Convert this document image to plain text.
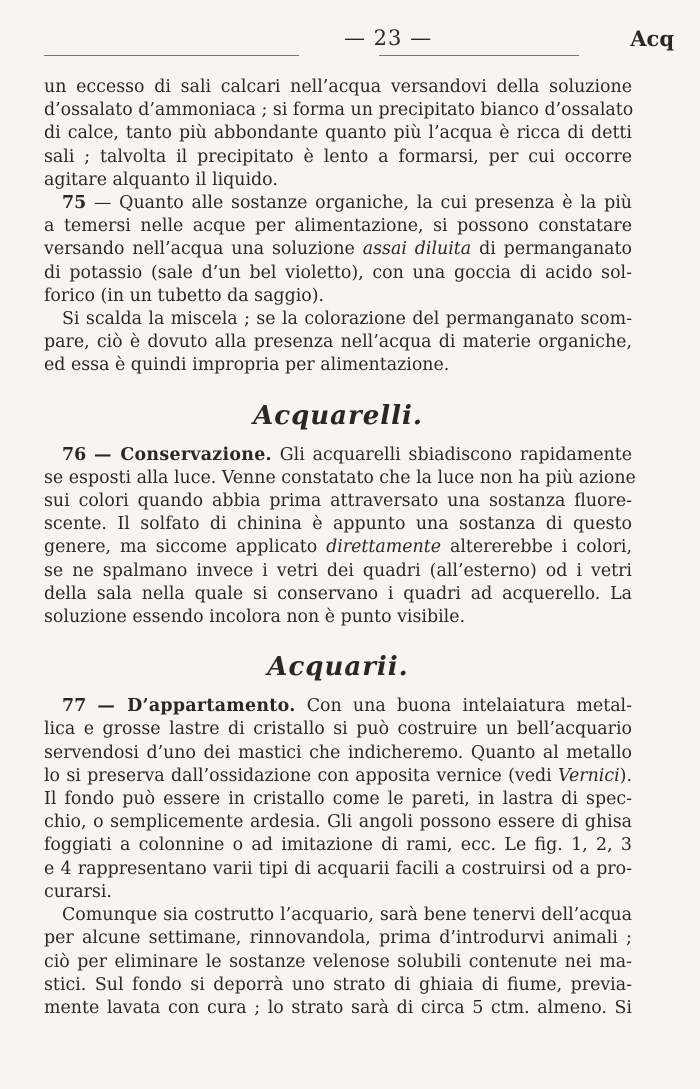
— 23 —	Acq
un eccesso di sali calcari nell’acqua versandovi della soluzione
d’ossalato d’ammoniaca ; si forma un precipitato bianco d’ossalato
di calce, tanto più abbondante quanto più l’acqua è ricca di detti
sali ; talvolta il precipitato è lento a formarsi, per cui occorre
agitare alquanto il liquido.
75 — Quanto alle sostanze organiche, la cui presenza è la più
a temersi nelle acque per alimentazione, si possono constatare
versando nell’acqua una soluzione assai diluita di permanganato
di potassio (sale d’un bel violetto), con una goccia di acido sol-
forico (in un tubetto da saggio).
Si scalda la miscela ; se la colorazione del permanganato scom-
pare, ciò è dovuto alla presenza nell’acqua di materie organiche,
ed essa è quindi impropria per alimentazione.
Acquarelli.
76 — Conservazione. Gli acquarelli sbiadiscono rapidamente
se esposti alla luce. Venne constatato che la luce non ha più azione
sui colori quando abbia prima attraversato una sostanza fluore-
scente. Il solfato di chinina è appunto una sostanza di questo
genere, ma siccome applicato direttamente altererebbe i colori,
se ne spalmano invece i vetri dei quadri (all’esterno) od i vetri
della sala nella quale si conservano i quadri ad acquerello. La
soluzione essendo incolora non è punto visibile.
Acquarii.
77 — D’appartamento. Con una buona intelaiatura metal-
lica e grosse lastre di cristallo si può costruire un bell’acquario
servendosi d’uno dei mastici che indicheremo. Quanto al metallo
lo si preserva dall’ossidazione con apposita vernice (vedi Vernici).
Il fondo può essere in cristallo come le pareti, in lastra di spec-
chio, o semplicemente ardesia. Gli angoli possono essere di ghisa
foggiati a colonnine o ad imitazione di rami, ecc. Le fig. 1, 2, 3
e 4 rappresentano varii tipi di acquarii facili a costruirsi od a pro-
curarsi.
Comunque sia costrutto l’acquario, sarà bene tenervi dell’acqua
per alcune settimane, rinnovandola, prima d’introdurvi animali ;
ciò per eliminare le sostanze velenose solubili contenute nei ma-
stici. Sul fondo si deporrà uno strato di ghiaia di fiume, previa-
mente lavata con cura ; lo strato sarà di circa 5 ctm. almeno. Si
